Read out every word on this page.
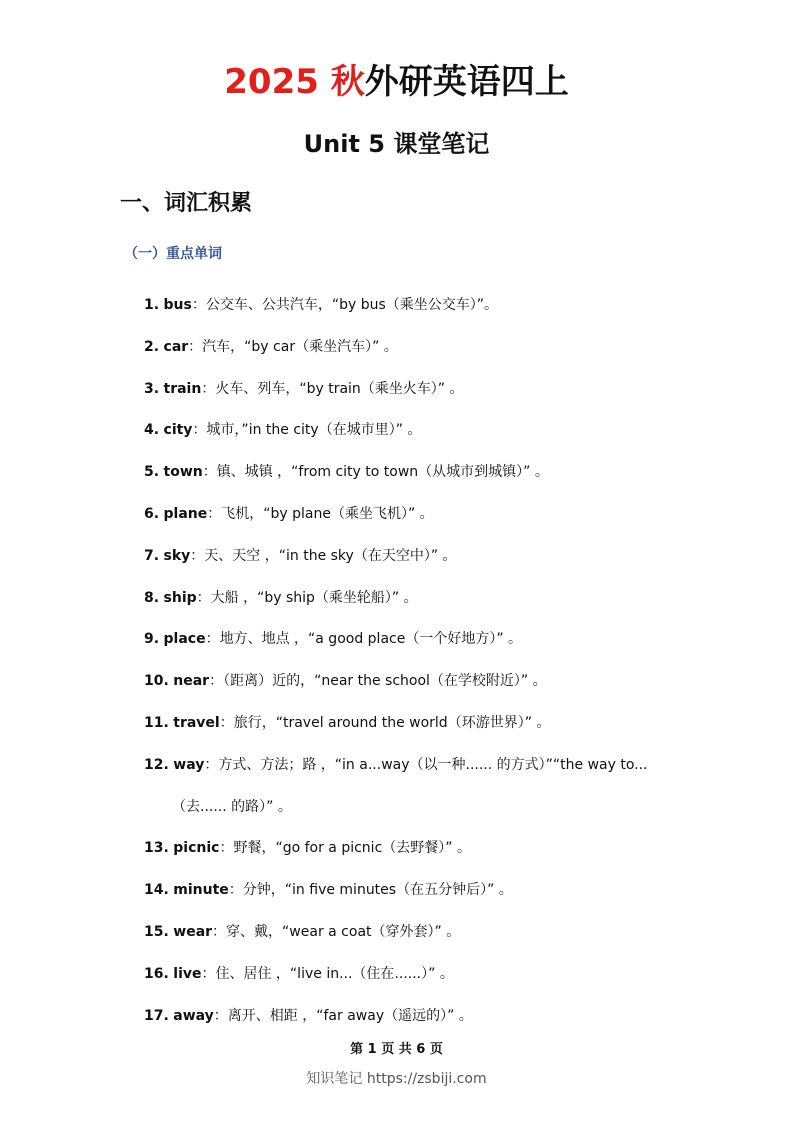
2025 秋外研英语四上
Unit 5 课堂笔记
一、词汇积累
（一）重点单词
1. bus：公交车、公共汽车，“by bus（乘坐公交车）”。
2. car：汽车，“by car（乘坐汽车）” 。
3. train：火车、列车，“by train（乘坐火车）” 。
4. city：城市，”in the city（在城市里）” 。
5. town：镇、城镇 ，“from city to town（从城市到城镇）” 。
6. plane：飞机，“by plane（乘坐飞机）” 。
7. sky：天、天空 ，“in the sky（在天空中）” 。
8. ship：大船 ，“by ship（乘坐轮船）” 。
9. place：地方、地点 ，“a good place（一个好地方）” 。
10. near：（距离）近的，“near the school（在学校附近）” 。
11. travel：旅行，“travel around the world（环游世界）” 。
12. way：方式、方法；路 ，“in a...way（以一种...... 的方式）”“the way to...
（去...... 的路）” 。
13. picnic：野餐，“go for a picnic（去野餐）” 。
14. minute：分钟，“in five minutes（在五分钟后）” 。
15. wear：穿、戴，“wear a coat（穿外套）” 。
16. live：住、居住 ，“live in...（住在......）” 。
17. away：离开、相距 ，“far away（遥远的）” 。
第 1 页 共 6 页
知识笔记 https://zsbiji.com
